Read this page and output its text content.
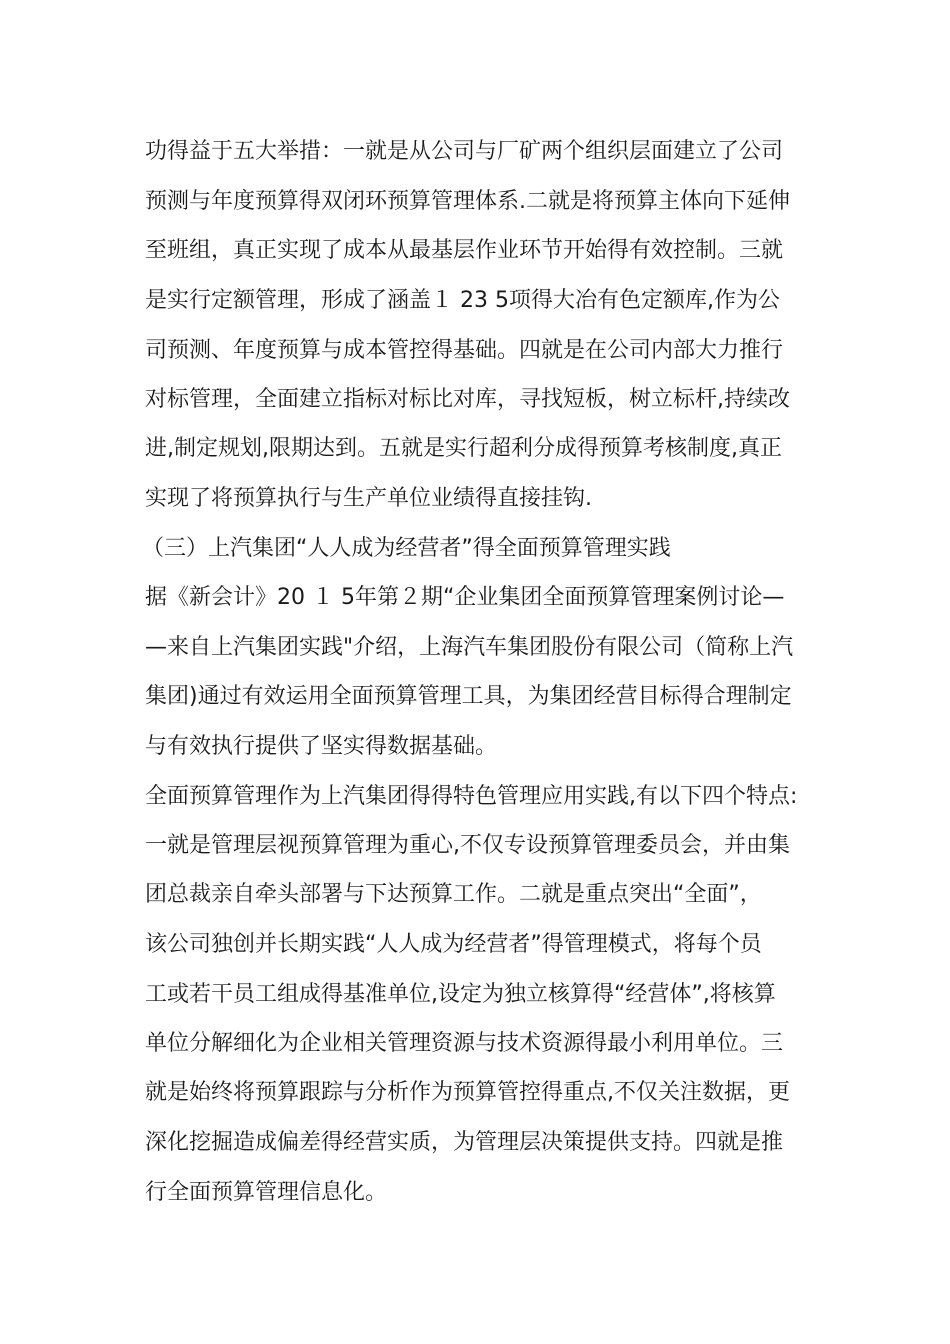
功得益于五大举措：一就是从公司与厂矿两个组织层面建立了公司
预测与年度预算得双闭环预算管理体系.二就是将预算主体向下延伸
至班组，真正实现了成本从最基层作业环节开始得有效控制。三就
是实行定额管理，形成了涵盖１ 23 5项得大冶有色定额库,作为公
司预测、年度预算与成本管控得基础。四就是在公司内部大力推行
对标管理，全面建立指标对标比对库，寻找短板，树立标杆,持续改
进,制定规划,限期达到。五就是实行超利分成得预算考核制度,真正
实现了将预算执行与生产单位业绩得直接挂钩.
（三）上汽集团“人人成为经营者”得全面预算管理实践
据《新会计》20 １ 5年第２期“企业集团全面预算管理案例讨论—
—来自上汽集团实践"介绍，上海汽车集团股份有限公司（简称上汽
集团)通过有效运用全面预算管理工具，为集团经营目标得合理制定
与有效执行提供了坚实得数据基础。
全面预算管理作为上汽集团得得特色管理应用实践,有以下四个特点:
一就是管理层视预算管理为重心,不仅专设预算管理委员会，并由集
团总裁亲自牵头部署与下达预算工作。二就是重点突出“全面”，
该公司独创并长期实践“人人成为经营者”得管理模式，将每个员
工或若干员工组成得基准单位,设定为独立核算得“经营体”,将核算
单位分解细化为企业相关管理资源与技术资源得最小利用单位。三
就是始终将预算跟踪与分析作为预算管控得重点,不仅关注数据，更
深化挖掘造成偏差得经营实质，为管理层决策提供支持。四就是推
行全面预算管理信息化。
